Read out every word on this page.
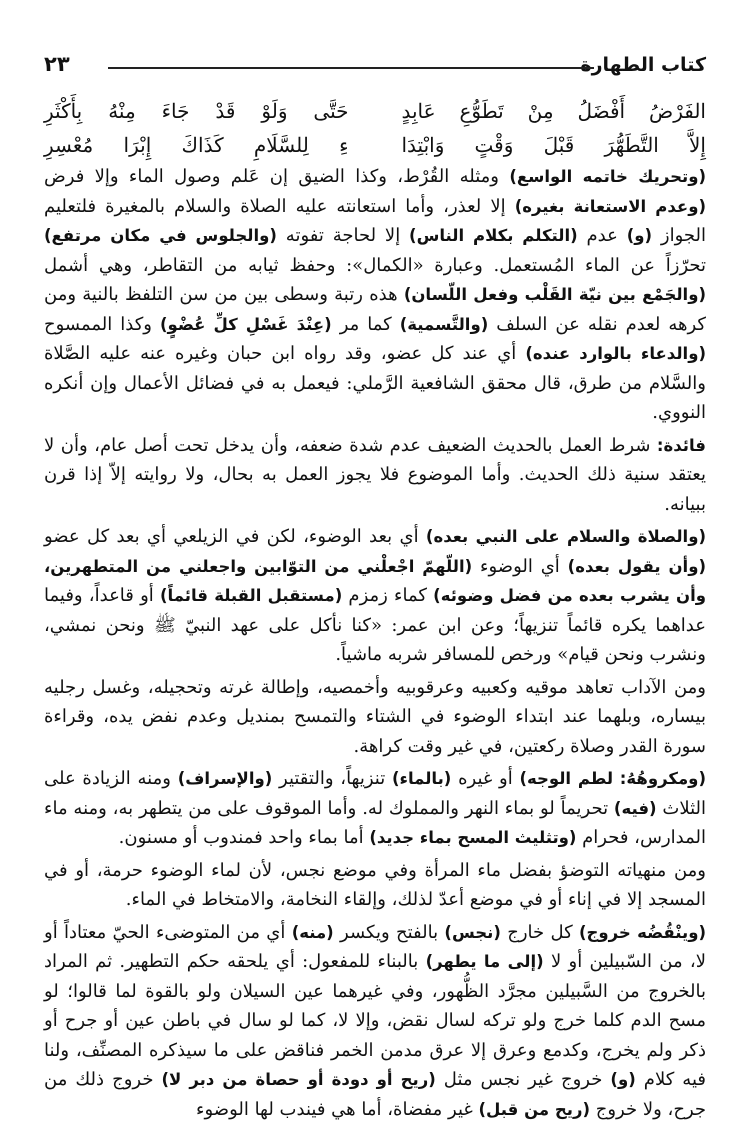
كتاب الطهارة
٢٣
الفَرْضُ أَفْضَلُ مِنْ تَطَوُّعِ عَابِدٍ
حَتَّى وَلَوْ قَدْ جَاءَ مِنْهُ بِأَكْثَرِ
إِلاَّ التَّطَهُّرَ قَبْلَ وَقْتٍ وَابْتِدَا
ءِ لِلسَّلَامِ كَذَاكَ إِبْرَا مُعْسِرِ

(وتحريك خاتمه الواسع) ومثله القُرْط، وكذا الضيق إن عَلم وصول الماء وإلا فرض (وعدم الاستعانة بغيره) إلا لعذر، وأما استعانته عليه الصلاة والسلام بالمغيرة فلتعليم الجواز (و) عدم (التكلم بكلام الناس) إلا لحاجة تفوته (والجلوس في مكان مرتفع) تحرّزاً عن الماء المُستعمل. وعبارة «الكمال»: وحفظ ثيابه من التقاطر، وهي أشمل (والجَمْع بين نيّة القَلْب وفعل اللّسان) هذه رتبة وسطى بين من سن التلفظ بالنية ومن كرهه لعدم نقله عن السلف (والتَّسمية) كما مر (عِنْدَ غَسْلِ كلِّ عُضْوٍ) وكذا الممسوح (والدعاء بالوارد عنده) أي عند كل عضو، وقد رواه ابن حبان وغيره عنه عليه الصَّلاة والسَّلام من طرق، قال محقق الشافعية الرَّملي: فيعمل به في فضائل الأعمال وإن أنكره النووي.

فائدة: شرط العمل بالحديث الضعيف عدم شدة ضعفه، وأن يدخل تحت أصل عام، وأن لا يعتقد سنية ذلك الحديث. وأما الموضوع فلا يجوز العمل به بحال، ولا روايته إلاّ إذا قرن ببيانه.

(والصلاة والسلام على النبي بعده) أي بعد الوضوء، لكن في الزيلعي أي بعد كل عضو (وأن يقول بعده) أي الوضوء (اللّهمّ اجْعلْني من التوّابين واجعلني من المتطهرين، وأن يشرب بعده من فضل وضوئه) كماء زمزم (مستقبل القبلة قائماً) أو قاعداً، وفيما عداهما يكره قائماً تنزيهاً؛ وعن ابن عمر: «كنا نأكل على عهد النبيّ ﷺ ونحن نمشي، ونشرب ونحن قيام» ورخص للمسافر شربه ماشياً.

ومن الآداب تعاهد موقيه وكعبيه وعرقوبيه وأخمصيه، وإطالة غرته وتحجيله، وغسل رجليه بيساره، وبلهما عند ابتداء الوضوء في الشتاء والتمسح بمنديل وعدم نفض يده، وقراءة سورة القدر وصلاة ركعتين، في غير وقت كراهة.

(ومكروهُهُ: لطم الوجه) أو غيره (بالماء) تنزيهاً، والتقتير (والإسراف) ومنه الزيادة على الثلاث (فيه) تحريماً لو بماء النهر والمملوك له. وأما الموقوف على من يتطهر به، ومنه ماء المدارس، فحرام (وتثليث المسح بماء جديد) أما بماء واحد فمندوب أو مسنون.

ومن منهياته التوضؤ بفضل ماء المرأة وفي موضع نجس، لأن لماء الوضوء حرمة، أو في المسجد إلا في إناء أو في موضع أعدّ لذلك، وإلقاء النخامة، والامتخاط في الماء.

(وينْقُضُه خروج) كل خارج (نجس) بالفتح ويكسر (منه) أي من المتوضىء الحيّ معتاداً أو لا، من السّبيلين أو لا (إلى ما يطهر) بالبناء للمفعول: أي يلحقه حكم التطهير. ثم المراد بالخروج من السَّبيلين مجرَّد الظُّهور، وفي غيرهما عين السيلان ولو بالقوة لما قالوا؛ لو مسح الدم كلما خرج ولو تركه لسال نقض، وإلا لا، كما لو سال في باطن عين أو جرح أو ذكر ولم يخرج، وكدمع وعرق إلا عرق مدمن الخمر فناقض على ما سيذكره المصنِّف، ولنا فيه كلام (و) خروج غير نجس مثل (ريح أو دودة أو حصاة من دبر لا) خروج ذلك من جرح، ولا خروج (ريح من قبل) غير مفضاة، أما هي فيندب لها الوضوء
